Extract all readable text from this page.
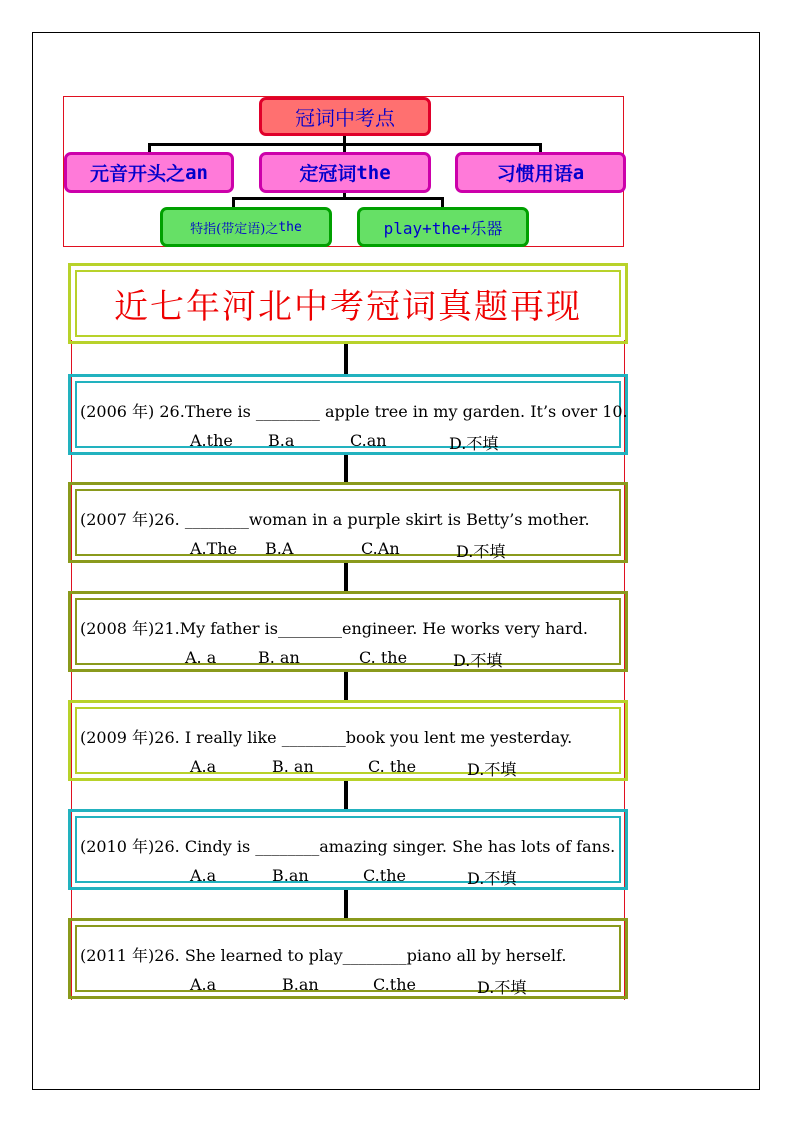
冠词中考点
元音开头之 an	定冠词 the	习惯用语 a
特指(带定语)之 the	play+the+乐器
近七年河北中考冠词真题再现
(2006 年) 26.There is ________ apple tree in my garden. It’s over 10.
A.the B.a	C.an	D.不填
(2007 年)26. ________woman in a purple skirt is Betty’s mother.
A.The B.A	C.An	D.不填
(2008 年)21.My father is________engineer. He works very hard.
A. a	B. an	C. the	D.不填
(2009 年)26. I really like ________book you lent me yesterday.
A.a	B. an	C. the	D.不填
(2010 年)26. Cindy is ________amazing singer. She has lots of fans.
A.a	B.an	C.the	D.不填
(2011 年)26. She learned to play________piano all by herself.
A.a	B.an	C.the	D.不填
